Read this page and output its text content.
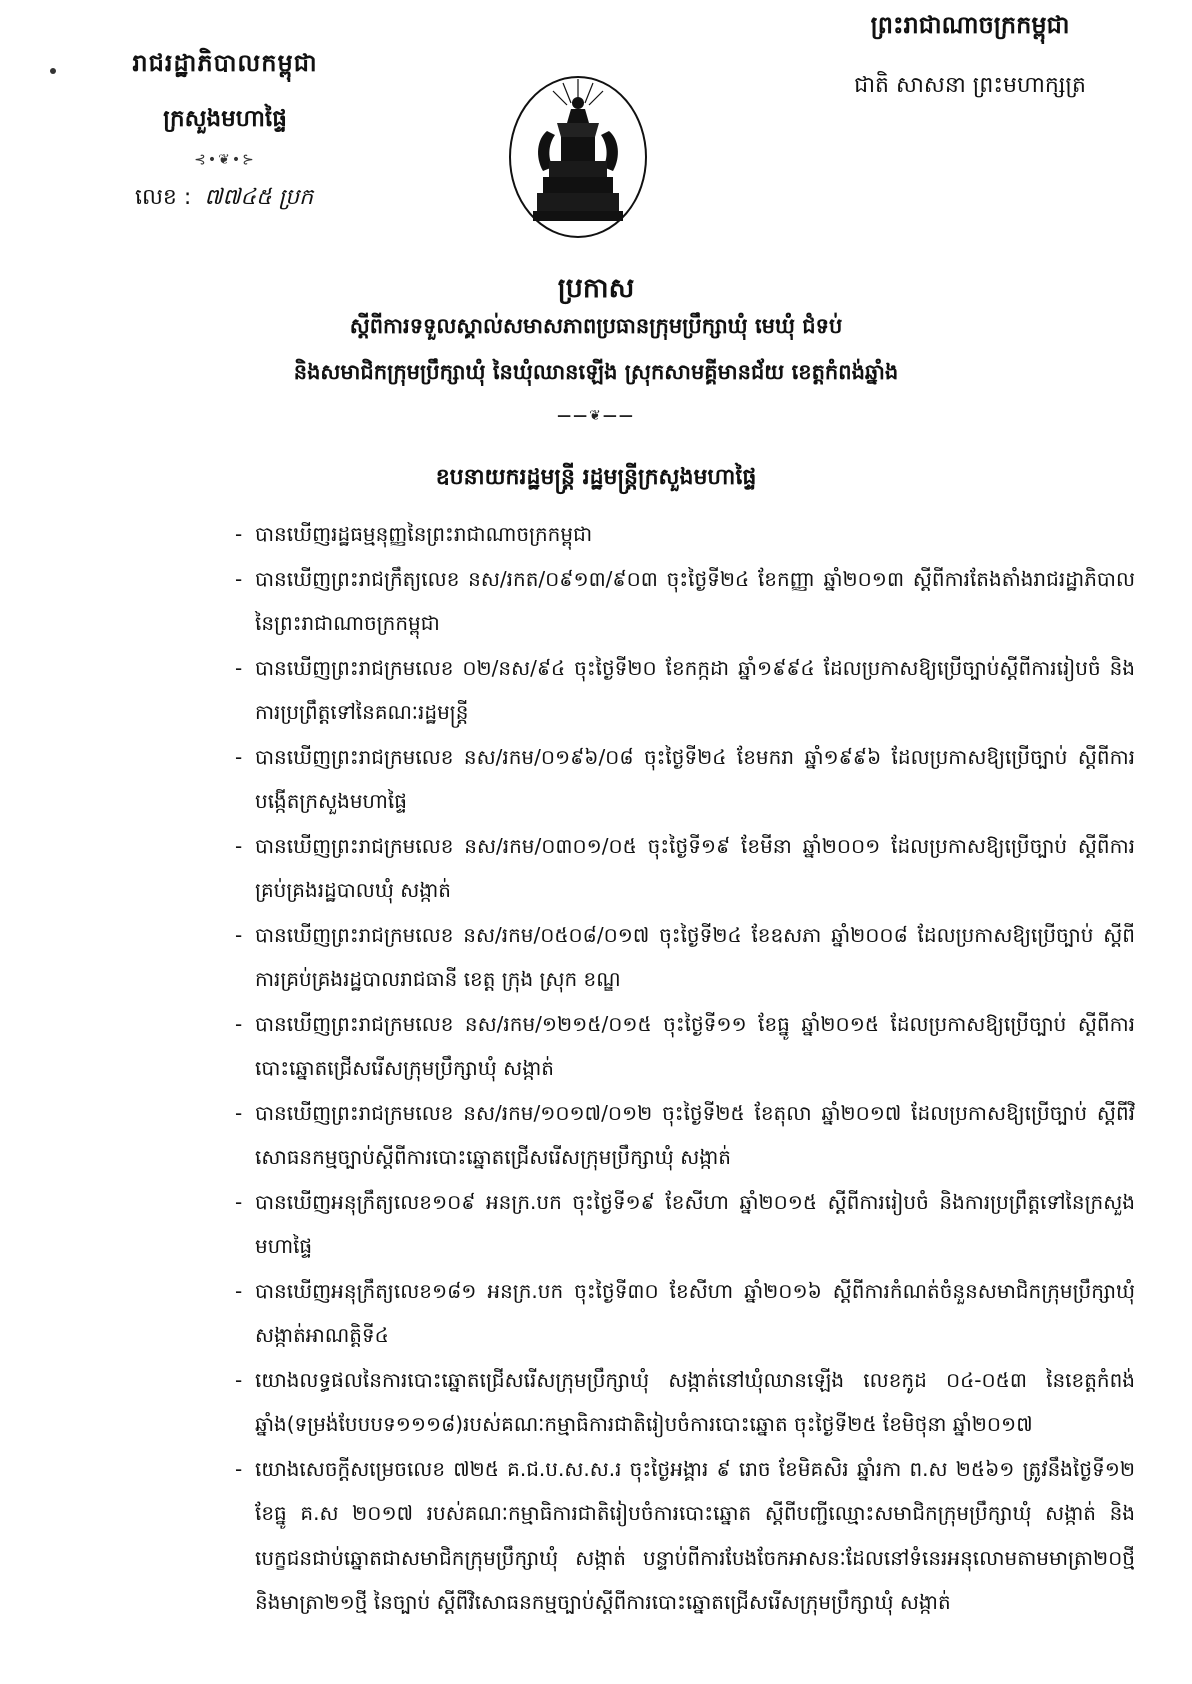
រាជរដ្ឋាភិបាលកម្ពុជា
ក្រសួងមហាផ្ទៃ
⊰•❦•⊱
លេខ : ៧៧៤៥ ប្រក
ព្រះរាជាណាចក្រកម្ពុជា
ជាតិ សាសនា ព្រះមហាក្សត្រ
ប្រកាស
ស្តីពីការទទួលស្គាល់សមាសភាពប្រធានក្រុមប្រឹក្សាឃុំ មេឃុំ ជំទប់
និងសមាជិកក្រុមប្រឹក្សាឃុំ នៃឃុំឈានឡើង ស្រុកសាមគ្គីមានជ័យ ខេត្តកំពង់ឆ្នាំង
——❦——
ឧបនាយករដ្ឋមន្ត្រី រដ្ឋមន្ត្រីក្រសួងមហាផ្ទៃ
- បានឃើញរដ្ឋធម្មនុញ្ញនៃព្រះរាជាណាចក្រកម្ពុជា
- បានឃើញព្រះរាជក្រឹត្យលេខ នស/រកត/០៩១៣/៩០៣ ចុះថ្ងៃទី២៤ ខែកញ្ញា ឆ្នាំ២០១៣ ស្តីពីការតែងតាំងរាជរដ្ឋាភិបាលនៃព្រះរាជាណាចក្រកម្ពុជា
- បានឃើញព្រះរាជក្រមលេខ ០២/នស/៩៤ ចុះថ្ងៃទី២០ ខែកក្កដា ឆ្នាំ១៩៩៤ ដែលប្រកាសឱ្យប្រើច្បាប់ស្តីពីការរៀបចំ និងការប្រព្រឹត្តទៅនៃគណៈរដ្ឋមន្ត្រី
- បានឃើញព្រះរាជក្រមលេខ នស/រកម/០១៩៦/០៨ ចុះថ្ងៃទី២៤ ខែមករា ឆ្នាំ១៩៩៦ ដែលប្រកាសឱ្យប្រើច្បាប់ ស្តីពីការបង្កើតក្រសួងមហាផ្ទៃ
- បានឃើញព្រះរាជក្រមលេខ នស/រកម/០៣០១/០៥ ចុះថ្ងៃទី១៩ ខែមីនា ឆ្នាំ២០០១ ដែលប្រកាសឱ្យប្រើច្បាប់ ស្តីពីការគ្រប់គ្រងរដ្ឋបាលឃុំ សង្កាត់
- បានឃើញព្រះរាជក្រមលេខ នស/រកម/០៥០៨/០១៧ ចុះថ្ងៃទី២៤ ខែឧសភា ឆ្នាំ២០០៨ ដែលប្រកាសឱ្យប្រើច្បាប់ ស្តីពីការគ្រប់គ្រងរដ្ឋបាលរាជធានី ខេត្ត ក្រុង ស្រុក ខណ្ឌ
- បានឃើញព្រះរាជក្រមលេខ នស/រកម/១២១៥/០១៥ ចុះថ្ងៃទី១១ ខែធ្នូ ឆ្នាំ២០១៥ ដែលប្រកាសឱ្យប្រើច្បាប់ ស្តីពីការបោះឆ្នោតជ្រើសរើសក្រុមប្រឹក្សាឃុំ សង្កាត់
- បានឃើញព្រះរាជក្រមលេខ នស/រកម/១០១៧/០១២ ចុះថ្ងៃទី២៥ ខែតុលា ឆ្នាំ២០១៧ ដែលប្រកាសឱ្យប្រើច្បាប់ ស្តីពីវិសោធនកម្មច្បាប់ស្តីពីការបោះឆ្នោតជ្រើសរើសក្រុមប្រឹក្សាឃុំ សង្កាត់
- បានឃើញអនុក្រឹត្យលេខ១០៩ អនក្រ.បក ចុះថ្ងៃទី១៩ ខែសីហា ឆ្នាំ២០១៥ ស្តីពីការរៀបចំ និងការប្រព្រឹត្តទៅនៃក្រសួងមហាផ្ទៃ
- បានឃើញអនុក្រឹត្យលេខ១៨១ អនក្រ.បក ចុះថ្ងៃទី៣០ ខែសីហា ឆ្នាំ២០១៦ ស្តីពីការកំណត់ចំនួនសមាជិកក្រុមប្រឹក្សាឃុំ សង្កាត់អាណត្តិទី៤
- យោងលទ្ធផលនៃការបោះឆ្នោតជ្រើសរើសក្រុមប្រឹក្សាឃុំ សង្កាត់នៅឃុំឈានឡើង លេខកូដ ០៤-០៥៣ នៃខេត្តកំពង់ឆ្នាំង(ទម្រង់បែបបទ១១១៨)របស់គណៈកម្មាធិការជាតិរៀបចំការបោះឆ្នោត ចុះថ្ងៃទី២៥ ខែមិថុនា ឆ្នាំ២០១៧
- យោងសេចក្តីសម្រេចលេខ ៧២៥ គ.ជ.ប.ស.ស.រ ចុះថ្ងៃអង្គារ ៩ រោច ខែមិគសិរ ឆ្នាំរកា ព.ស ២៥៦១ ត្រូវនឹងថ្ងៃទី១២ ខែធ្នូ គ.ស ២០១៧ របស់គណៈកម្មាធិការជាតិរៀបចំការបោះឆ្នោត ស្តីពីបញ្ជីឈ្មោះសមាជិកក្រុមប្រឹក្សាឃុំ សង្កាត់ និងបេក្ខជនជាប់ឆ្នោតជាសមាជិកក្រុមប្រឹក្សាឃុំ សង្កាត់ បន្ទាប់ពីការបែងចែកអាសនៈដែលនៅទំនេរអនុលោមតាមមាត្រា២០ថ្មី និងមាត្រា២១ថ្មី នៃច្បាប់ ស្តីពីវិសោធនកម្មច្បាប់ស្តីពីការបោះឆ្នោតជ្រើសរើសក្រុមប្រឹក្សាឃុំ សង្កាត់
